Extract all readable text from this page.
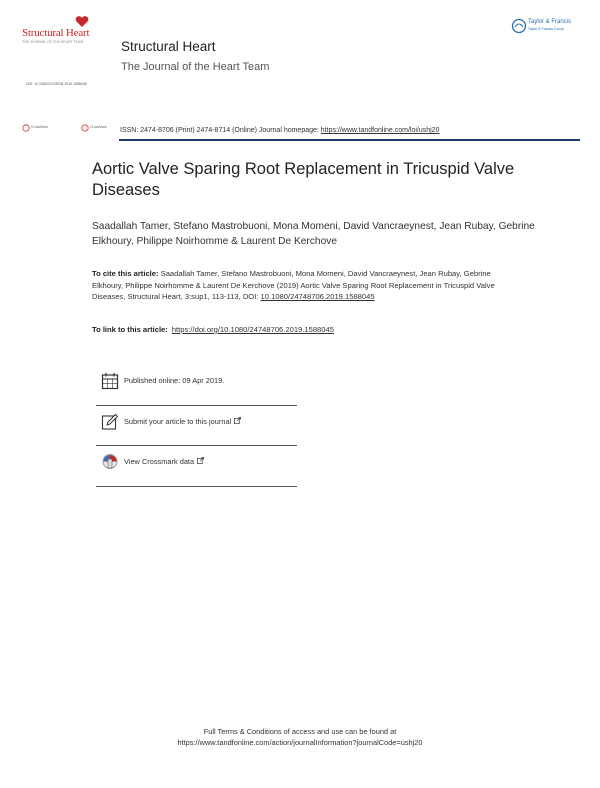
Structural Heart
THE JOURNAL OF THE HEART TEAM
DOI: 10.1080/24748706.2019.1588045
Structural Heart
The Journal of the Heart Team
Taylor & Francis
Taylor & Francis Group
CrossMark	CrossMark ISSN: 2474-8706 (Print) 2474-8714 (Online) Journal homepage: https://www.tandfonline.com/loi/ushj20
Aortic Valve Sparing Root Replacement in Tricuspid Valve Diseases
Saadallah Tamer, Stefano Mastrobuoni, Mona Momeni, David Vancraeynest, Jean Rubay, Gebrine Elkhoury, Philippe Noirhomme & Laurent De Kerchove
To cite this article: Saadallah Tamer, Stefano Mastrobuoni, Mona Momeni, David Vancraeynest, Jean Rubay, Gebrine Elkhoury, Philippe Noirhomme & Laurent De Kerchove (2019) Aortic Valve Sparing Root Replacement in Tricuspid Valve Diseases, Structural Heart, 3:sup1, 113-113, DOI: 10.1080/24748706.2019.1588045
To link to this article: https://doi.org/10.1080/24748706.2019.1588045
Published online: 09 Apr 2019.
Submit your article to this journal
View Crossmark data
Full Terms & Conditions of access and use can be found at
https://www.tandfonline.com/action/journalInformation?journalCode=ushj20
